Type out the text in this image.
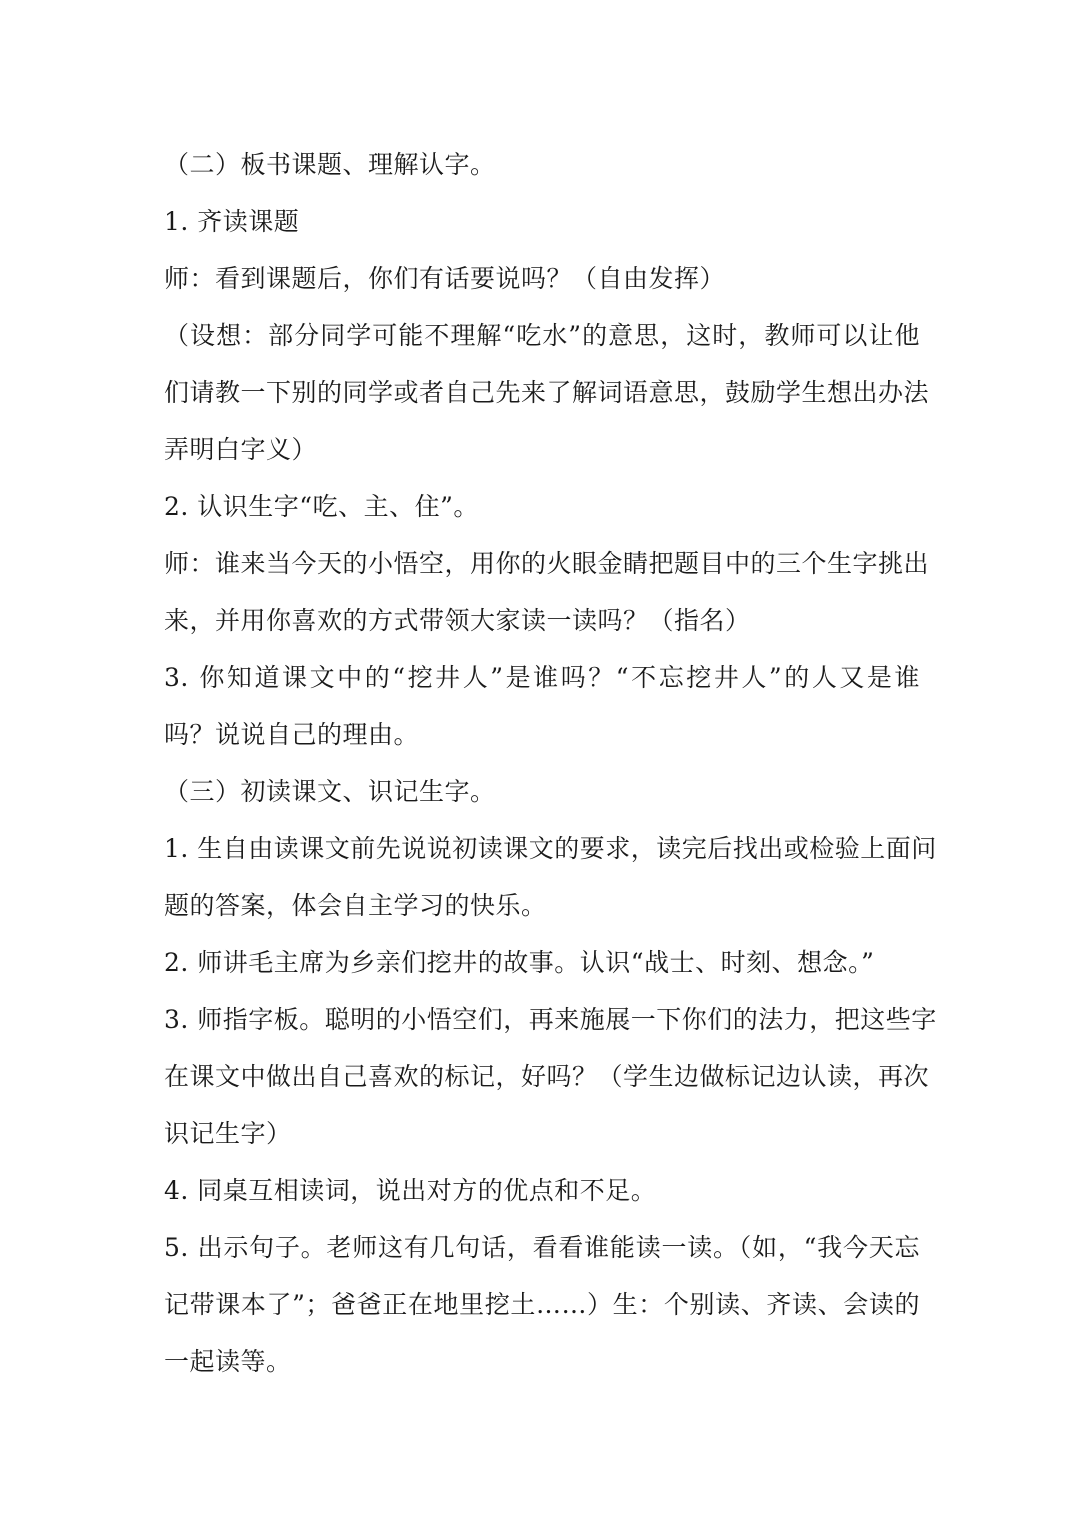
（二）板书课题、理解认字。
1. 齐读课题
师：看到课题后，你们有话要说吗？（自由发挥）
（设想：部分同学可能不理解“吃水”的意思，这时，教师可以让他
们请教一下别的同学或者自己先来了解词语意思，鼓励学生想出办法
弄明白字义）
2. 认识生字“吃、主、住”。
师：谁来当今天的小悟空，用你的火眼金睛把题目中的三个生字挑出
来，并用你喜欢的方式带领大家读一读吗？（指名）
3. 你知道课文中的“挖井人”是谁吗？“不忘挖井人”的人又是谁
吗？说说自己的理由。
（三）初读课文、识记生字。
1. 生自由读课文前先说说初读课文的要求，读完后找出或检验上面问
题的答案，体会自主学习的快乐。
2. 师讲毛主席为乡亲们挖井的故事。认识“战士、时刻、想念。”
3. 师指字板。聪明的小悟空们，再来施展一下你们的法力，把这些字
在课文中做出自己喜欢的标记，好吗？（学生边做标记边认读，再次
识记生字）
4. 同桌互相读词，说出对方的优点和不足。
5. 出示句子。老师这有几句话，看看谁能读一读。（如，“我今天忘
记带课本了”；爸爸正在地里挖土……）生：个别读、齐读、会读的
一起读等。
